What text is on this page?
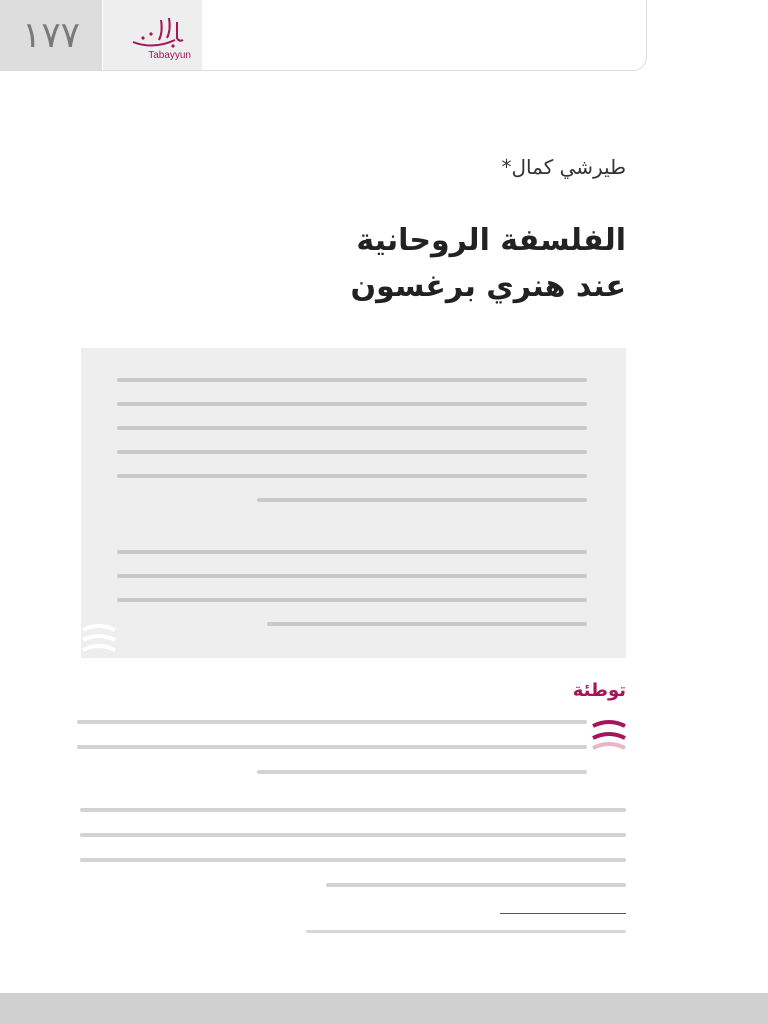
١٧٧	Tabayyun
طيرشي كمال*
الفلسفة الروحانية
عند هنري برغسون
توطئة
